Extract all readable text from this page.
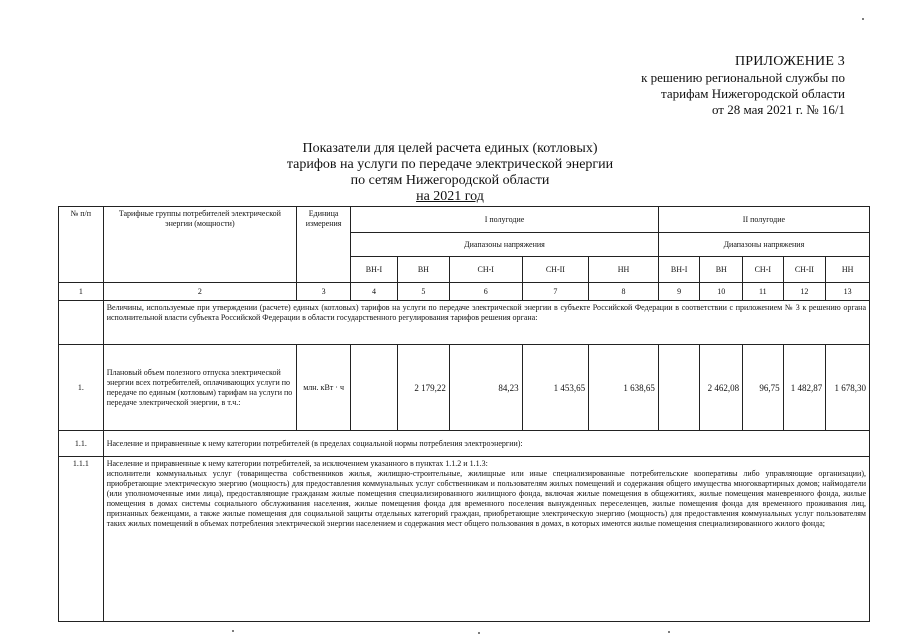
ПРИЛОЖЕНИЕ 3
к решению региональной службы по
тарифам Нижегородской области
от 28 мая 2021 г. № 16/1
Показатели для целей расчета единых (котловых)
тарифов на услуги по передаче электрической энергии
по сетям Нижегородской области
на 2021 год
№ п/п	Тарифные группы потребителей электрической энергии (мощности)	Единица измерения	I полугодие					II полугодие				
			Диапазоны напряжения					Диапазоны напряжения				
			ВН-I	ВН	СН-I	СН-II	НН	ВН-I	ВН	СН-I	СН-II	НН
1	2	3	4	5	6	7	8	9	10	11	12	13
	Величины, используемые при утверждении (расчете) единых (котловых) тарифов на услуги по передаче электрической энергии в субъекте Российской Федерации в соответствии с приложением № 3 к решению органа исполнительной власти субъекта Российской Федерации в области государственного регулирования тарифов решения органа:											
1.	Плановый объем полезного отпуска электрической энергии всех потребителей, оплачивающих услуги по передаче по единым (котловым) тарифам на услуги по передаче электрической энергии, в т.ч.:	млн. кВт · ч		2 179,22	84,23	1 453,65	1 638,65		2 462,08	96,75	1 482,87	1 678,30
1.1.	Население и приравненные к нему категории потребителей (в пределах социальной нормы потребления электроэнергии):											
1.1.1	Население и приравненные к нему категории потребителей, за исключением указанного в пунктах 1.1.2 и 1.1.3:
исполнители коммунальных услуг (товарищества собственников жилья, жилищно-строительные, жилищные или иные специализированные потребительские кооперативы либо управляющие организации), приобретающие электрическую энергию (мощность) для предоставления коммунальных услуг собственникам и пользователям жилых помещений и содержания общего имущества многоквартирных домов; наймодатели (или уполномоченные ими лица), предоставляющие гражданам жилые помещения специализированного жилищного фонда, включая жилые помещения в общежитиях, жилые помещения маневренного фонда, жилые помещения в домах системы социального обслуживания населения, жилые помещения фонда для временного поселения вынужденных переселенцев, жилые помещения фонда для временного проживания лиц, признанных беженцами, а также жилые помещения для социальной защиты отдельных категорий граждан, приобретающие электрическую энергию (мощность) для предоставления коммунальных услуг пользователям таких жилых помещений в объемах потребления электрической энергии населением и содержания мест общего пользования в домах, в которых имеются жилые помещения специализированного жилого фонда;											
